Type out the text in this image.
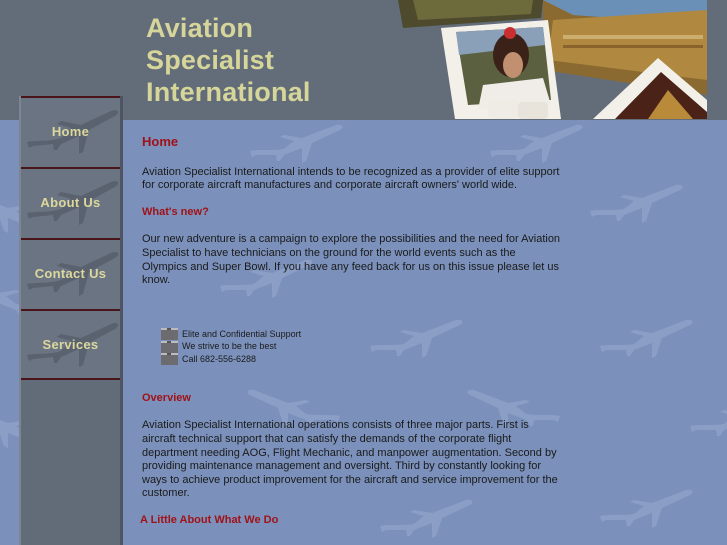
Aviation
Specialist
International
Home
About Us
Contact Us
Services
Home

Aviation Specialist International intends to be recognized as a provider of elite support for corporate aircraft manufactures and corporate aircraft owners' world wide.

What's new?

Our new adventure is a campaign to explore the possibilities and the need for Aviation Specialist to have technicians on the ground for the world events such as the Olympics and Super Bowl. If you have any feed back for us on this issue please let us know.

Elite and Confidential Support
We strive to be the best
Call 682-556-6288
Overview

Aviation Specialist International operations consists of three major parts. First is aircraft technical support that can satisfy the demands of the corporate flight department needing AOG, Flight Mechanic, and manpower augmentation. Second by providing maintenance management and oversight. Third by constantly looking for ways to achieve product improvement for the aircraft and service improvement for the customer.

A Little About What We Do
